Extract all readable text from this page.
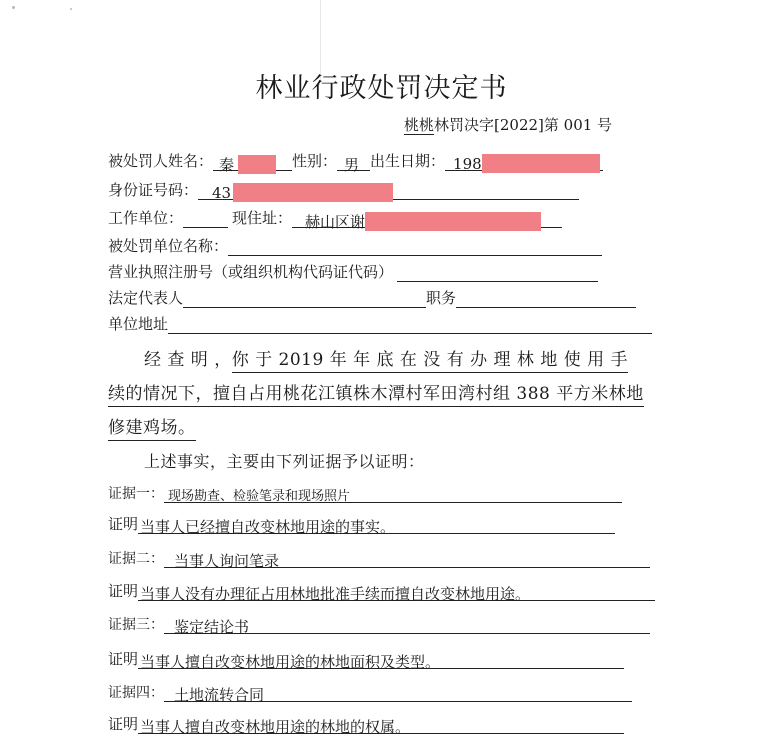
林业行政处罚决定书
桃桃林罚决字[2022]第 001 号
被处罚人姓名： 秦	性别： 男 出生日期： 198
身份证号码： 43
工作单位：	现住址： 赫山区谢
被处罚单位名称：
营业执照注册号（或组织机构代码证代码）
法定代表人	职务
单位地址
经 查 明 ，你 于 2019 年 年 底 在 没 有 办 理 林 地 使 用 手
续的情况下，擅自占用桃花江镇株木潭村军田湾村组 388 平方米林地
修建鸡场。
上述事实，主要由下列证据予以证明：
证据一： 现场勘查、检验笔录和现场照片
证明 当事人已经擅自改变林地用途的事实。
证据二： 当事人询问笔录
证明 当事人没有办理征占用林地批准手续而擅自改变林地用途。
证据三： 鉴定结论书
证明 当事人擅自改变林地用途的林地面积及类型。
证据四： 土地流转合同
证明 当事人擅自改变林地用途的林地的权属。
